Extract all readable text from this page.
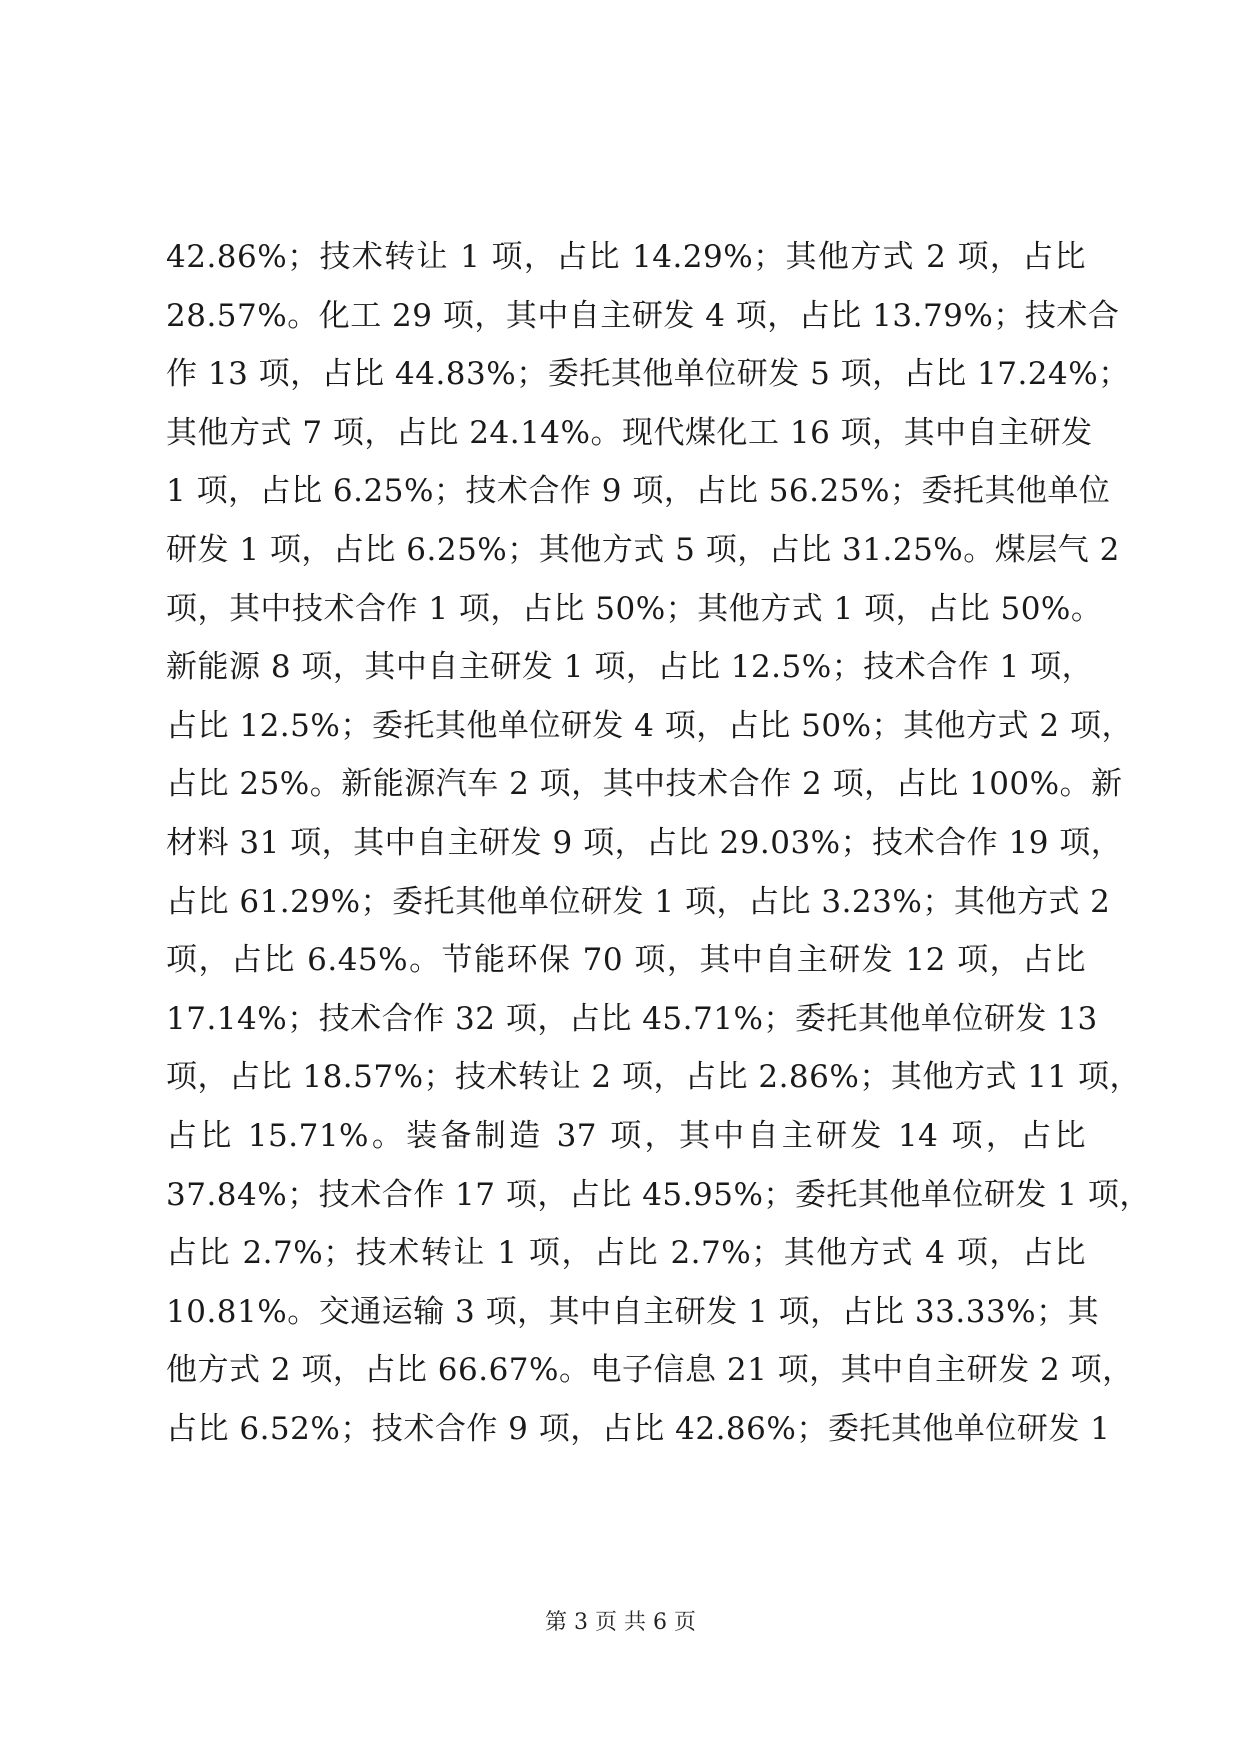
42.86%；技术转让 1 项，占比 14.29%；其他方式 2 项，占比
28.57%。化工 29 项，其中自主研发 4 项，占比 13.79%；技术合
作 13 项，占比 44.83%；委托其他单位研发 5 项，占比 17.24%；
其他方式 7 项，占比 24.14%。现代煤化工 16 项，其中自主研发
1 项，占比 6.25%；技术合作 9 项，占比 56.25%；委托其他单位
研发 1 项，占比 6.25%；其他方式 5 项，占比 31.25%。煤层气 2
项，其中技术合作 1 项，占比 50%；其他方式 1 项，占比 50%。
新能源 8 项，其中自主研发 1 项，占比 12.5%；技术合作 1 项，
占比 12.5%；委托其他单位研发 4 项，占比 50%；其他方式 2 项，
占比 25%。新能源汽车 2 项，其中技术合作 2 项，占比 100%。新
材料 31 项，其中自主研发 9 项，占比 29.03%；技术合作 19 项，
占比 61.29%；委托其他单位研发 1 项，占比 3.23%；其他方式 2
项，占比 6.45%。节能环保 70 项，其中自主研发 12 项，占比
17.14%；技术合作 32 项，占比 45.71%；委托其他单位研发 13
项，占比 18.57%；技术转让 2 项，占比 2.86%；其他方式 11 项，
占比 15.71%。装备制造 37 项，其中自主研发 14 项，占比
37.84%；技术合作 17 项，占比 45.95%；委托其他单位研发 1 项，
占比 2.7%；技术转让 1 项，占比 2.7%；其他方式 4 项，占比
10.81%。交通运输 3 项，其中自主研发 1 项，占比 33.33%；其
他方式 2 项，占比 66.67%。电子信息 21 项，其中自主研发 2 项，
占比 6.52%；技术合作 9 项，占比 42.86%；委托其他单位研发 1
第 3 页 共 6 页
